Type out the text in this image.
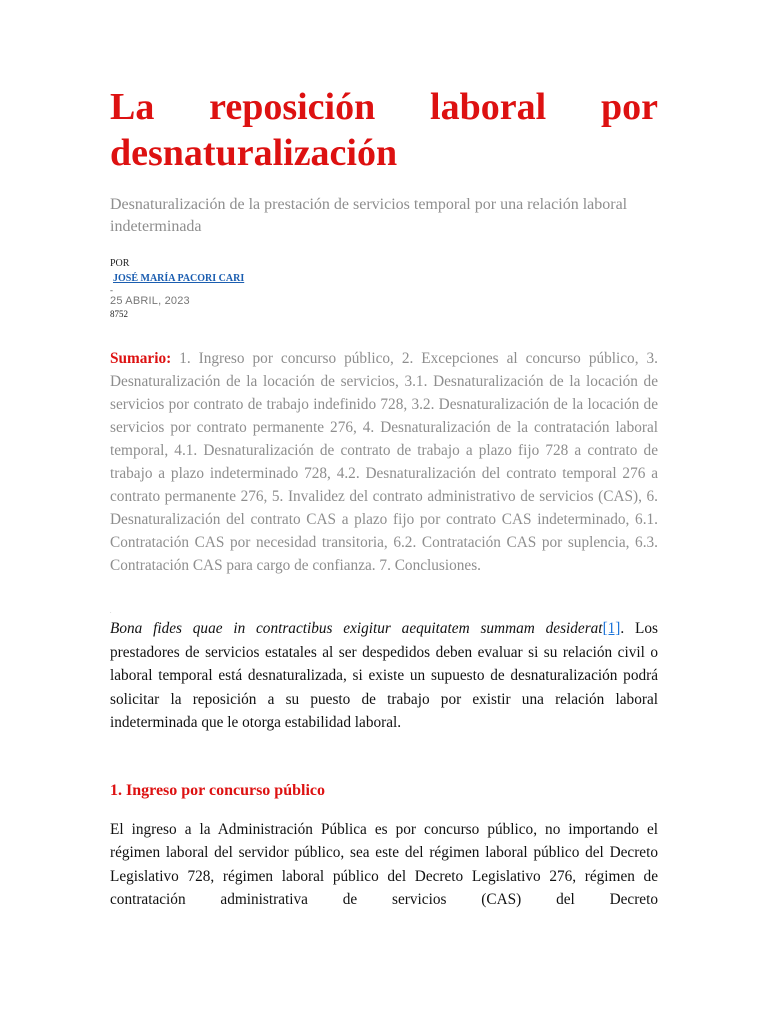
La reposición laboral por
desnaturalización

Desnaturalización de la prestación de servicios temporal por una relación laboral indeterminada

POR
JOSÉ MARÍA PACORI CARI
-
25 ABRIL, 2023
8752

Sumario: 1. Ingreso por concurso público, 2. Excepciones al concurso público, 3. Desnaturalización de la locación de servicios, 3.1. Desnaturalización de la locación de servicios por contrato de trabajo indefinido 728, 3.2. Desnaturalización de la locación de servicios por contrato permanente 276, 4. Desnaturalización de la contratación laboral temporal, 4.1. Desnaturalización de contrato de trabajo a plazo fijo 728 a contrato de trabajo a plazo indeterminado 728, 4.2. Desnaturalización del contrato temporal 276 a contrato permanente 276, 5. Invalidez del contrato administrativo de servicios (CAS), 6. Desnaturalización del contrato CAS a plazo fijo por contrato CAS indeterminado, 6.1. Contratación CAS por necesidad transitoria, 6.2. Contratación CAS por suplencia, 6.3. Contratación CAS para cargo de confianza. 7. Conclusiones.

.

Bona fides quae in contractibus exigitur aequitatem summam desiderat[1]. Los prestadores de servicios estatales al ser despedidos deben evaluar si su relación civil o laboral temporal está desnaturalizada, si existe un supuesto de desnaturalización podrá solicitar la reposición a su puesto de trabajo por existir una relación laboral indeterminada que le otorga estabilidad laboral.

1. Ingreso por concurso público

El ingreso a la Administración Pública es por concurso público, no importando el régimen laboral del servidor público, sea este del régimen laboral público del Decreto Legislativo 728, régimen laboral público del Decreto Legislativo 276, régimen de contratación administrativa de servicios (CAS) del Decreto
